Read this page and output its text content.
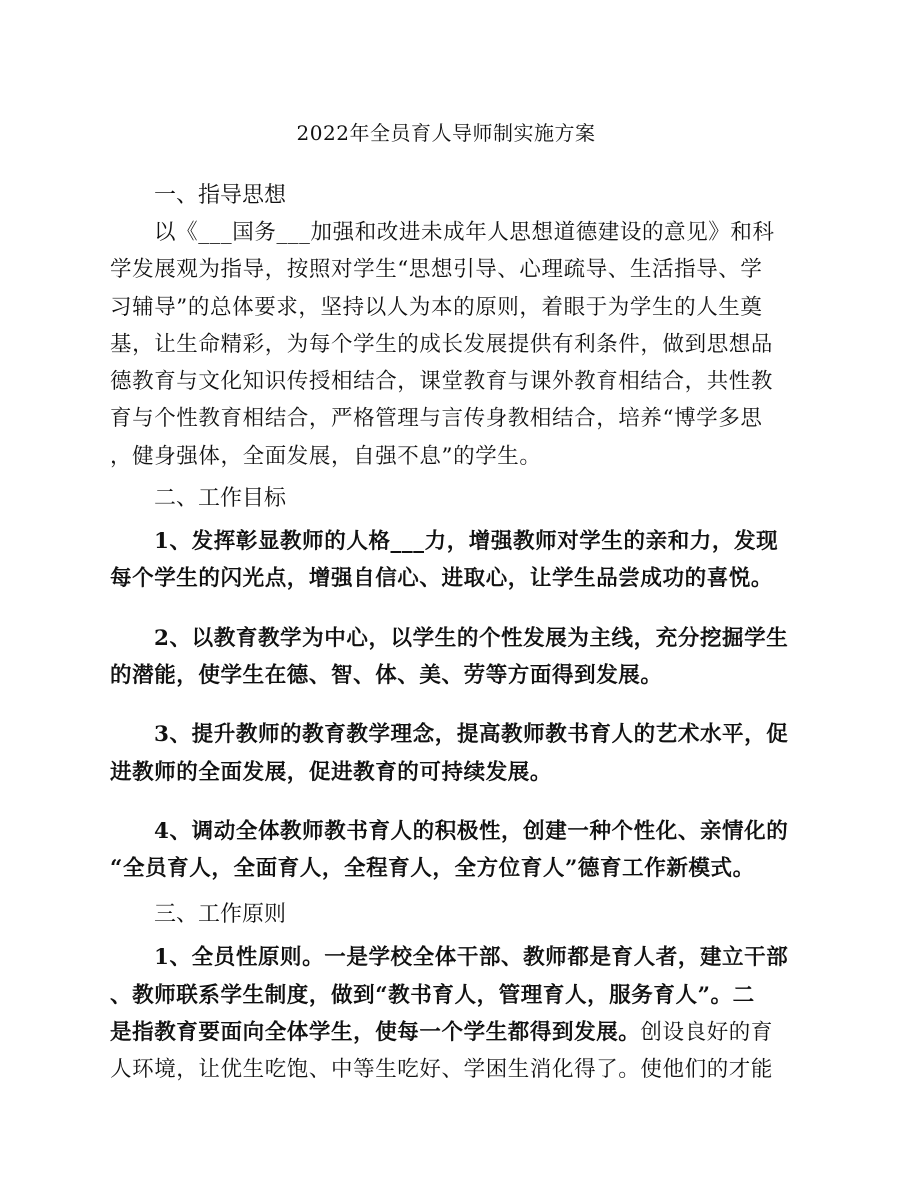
2022年全员育人导师制实施方案
一、指导思想
以《___国务___加强和改进未成年人思想道德建设的意见》和科
学发展观为指导，按照对学生“思想引导、心理疏导、生活指导、学
习辅导”的总体要求，坚持以人为本的原则，着眼于为学生的人生奠
基，让生命精彩，为每个学生的成长发展提供有利条件，做到思想品
德教育与文化知识传授相结合，课堂教育与课外教育相结合，共性教
育与个性教育相结合，严格管理与言传身教相结合，培养“博学多思
，健身强体，全面发展，自强不息”的学生。
二、工作目标
1、发挥彰显教师的人格___力，增强教师对学生的亲和力，发现
每个学生的闪光点，增强自信心、进取心，让学生品尝成功的喜悦。
2、以教育教学为中心，以学生的个性发展为主线，充分挖掘学生
的潜能，使学生在德、智、体、美、劳等方面得到发展。
3、提升教师的教育教学理念，提高教师教书育人的艺术水平，促
进教师的全面发展，促进教育的可持续发展。
4、调动全体教师教书育人的积极性，创建一种个性化、亲情化的
“全员育人，全面育人，全程育人，全方位育人”德育工作新模式。
三、工作原则
1、全员性原则。一是学校全体干部、教师都是育人者，建立干部
、教师联系学生制度，做到“教书育人，管理育人，服务育人”。二
是指教育要面向全体学生，使每一个学生都得到发展。创设良好的育
人环境，让优生吃饱、中等生吃好、学困生消化得了。使他们的才能
